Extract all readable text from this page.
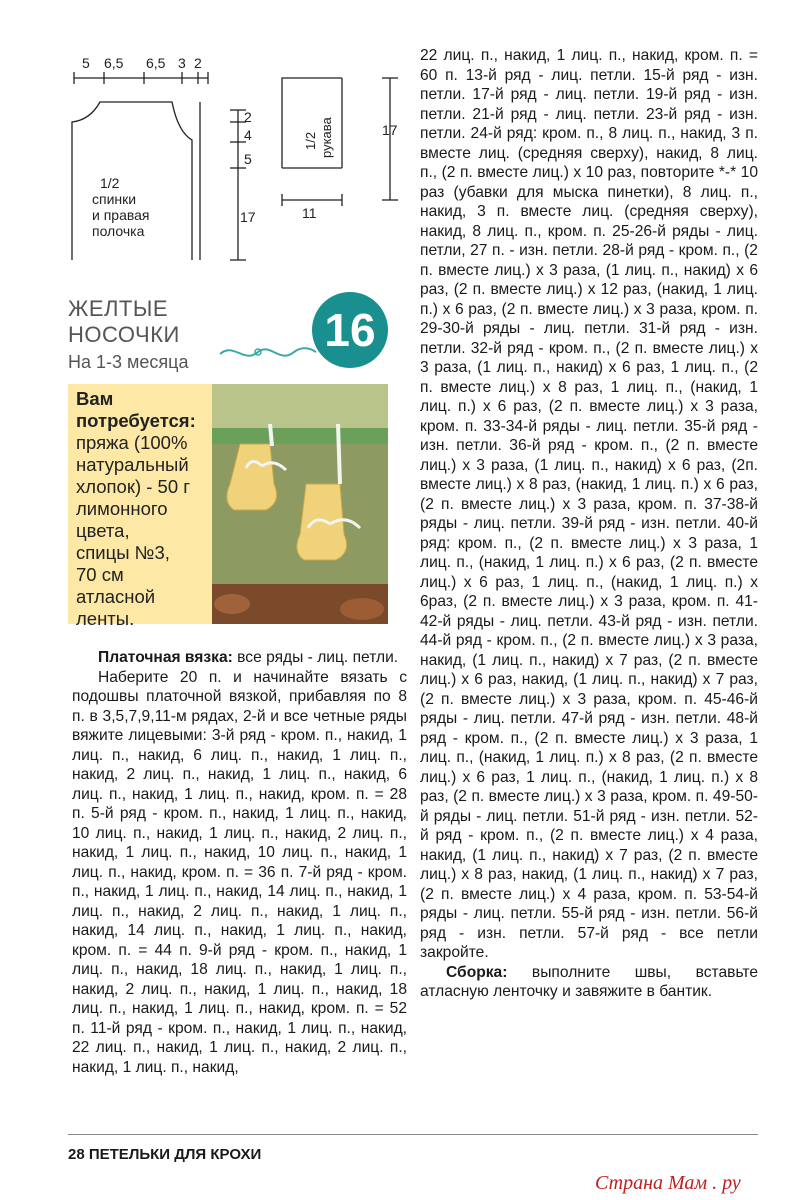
5 6,5 6,5 3 2
2
4
5
17
1/2
спинки
и правая
полочка
17
11
1/2 рукава
ЖЕЛТЫЕ
НОСОЧКИ
На 1-3 месяца
16
Вам
потребуется:
пряжа (100%
натуральный
хлопок) - 50 г
лимонного
цвета,
спицы №3,
70 см
атласной
ленты.

Платочная вязка: все ряды - лиц. петли.

Наберите 20 п. и начинайте вязать с подошвы платочной вязкой, прибавляя по 8 п. в 3,5,7,9,11-м рядах, 2-й и все четные ряды вяжите лицевыми: 3-й ряд - кром. п., накид, 1 лиц. п., накид, 6 лиц. п., накид, 1 лиц. п., накид, 2 лиц. п., накид, 1 лиц. п., накид, 6 лиц. п., накид, 1 лиц. п., накид, кром. п. = 28 п. 5-й ряд - кром. п., накид, 1 лиц. п., накид, 10 лиц. п., накид, 1 лиц. п., накид, 2 лиц. п., накид, 1 лиц. п., накид, 10 лиц. п., накид, 1 лиц. п., накид, кром. п. = 36 п. 7-й ряд - кром. п., накид, 1 лиц. п., накид, 14 лиц. п., накид, 1 лиц. п., накид, 2 лиц. п., накид, 1 лиц. п., накид, 14 лиц. п., накид, 1 лиц. п., накид, кром. п. = 44 п. 9-й ряд - кром. п., накид, 1 лиц. п., накид, 18 лиц. п., накид, 1 лиц. п., накид, 2 лиц. п., накид, 1 лиц. п., накид, 18 лиц. п., накид, 1 лиц. п., накид, кром. п. = 52 п. 11-й ряд - кром. п., накид, 1 лиц. п., накид, 22 лиц. п., накид, 1 лиц. п., накид, 2 лиц. п., накид, 1 лиц. п., накид,

22 лиц. п., накид, 1 лиц. п., накид, кром. п. = 60 п. 13-й ряд - лиц. петли. 15-й ряд - изн. петли. 17-й ряд - лиц. петли. 19-й ряд - изн. петли. 21-й ряд - лиц. петли. 23-й ряд - изн. петли. 24-й ряд: кром. п., 8 лиц. п., накид, 3 п. вместе лиц. (средняя сверху), накид, 8 лиц. п., (2 п. вместе лиц.) x 10 раз, повторите *-* 10 раз (убавки для мыска пинетки), 8 лиц. п., накид, 3 п. вместе лиц. (средняя сверху), накид, 8 лиц. п., кром. п. 25-26-й ряды - лиц. петли, 27 п. - изн. петли. 28-й ряд - кром. п., (2 п. вместе лиц.) x 3 раза, (1 лиц. п., накид) x 6 раз, (2 п. вместе лиц.) x 12 раз, (накид, 1 лиц. п.) x 6 раз, (2 п. вместе лиц.) x 3 раза, кром. п. 29-30-й ряды - лиц. петли. 31-й ряд - изн. петли. 32-й ряд - кром. п., (2 п. вместе лиц.) x 3 раза, (1 лиц. п., накид) x 6 раз, 1 лиц. п., (2 п. вместе лиц.) x 8 раз, 1 лиц. п., (накид, 1 лиц. п.) x 6 раз, (2 п. вместе лиц.) x 3 раза, кром. п. 33-34-й ряды - лиц. петли. 35-й ряд - изн. петли. 36-й ряд - кром. п., (2 п. вместе лиц.) x 3 раза, (1 лиц. п., накид) x 6 раз, (2п. вместе лиц.) x 8 раз, (накид, 1 лиц. п.) x 6 раз, (2 п. вместе лиц.) x 3 раза, кром. п. 37-38-й ряды - лиц. петли. 39-й ряд - изн. петли. 40-й ряд: кром. п., (2 п. вместе лиц.) x 3 раза, 1 лиц. п., (накид, 1 лиц. п.) x 6 раз, (2 п. вместе лиц.) x 6 раз, 1 лиц. п., (накид, 1 лиц. п.) x 6раз, (2 п. вместе лиц.) x 3 раза, кром. п. 41-42-й ряды - лиц. петли. 43-й ряд - изн. петли. 44-й ряд - кром. п., (2 п. вместе лиц.) x 3 раза, накид, (1 лиц. п., накид) x 7 раз, (2 п. вместе лиц.) x 6 раз, накид, (1 лиц. п., накид) x 7 раз, (2 п. вместе лиц.) x 3 раза, кром. п. 45-46-й ряды - лиц. петли. 47-й ряд - изн. петли. 48-й ряд - кром. п., (2 п. вместе лиц.) x 3 раза, 1 лиц. п., (накид, 1 лиц. п.) x 8 раз, (2 п. вместе лиц.) x 6 раз, 1 лиц. п., (накид, 1 лиц. п.) x 8 раз, (2 п. вместе лиц.) x 3 раза, кром. п. 49-50-й ряды - лиц. петли. 51-й ряд - изн. петли. 52-й ряд - кром. п., (2 п. вместе лиц.) x 4 раза, накид, (1 лиц. п., накид) x 7 раз, (2 п. вместе лиц.) x 8 раз, накид, (1 лиц. п., накид) x 7 раз, (2 п. вместе лиц.) x 4 раза, кром. п. 53-54-й ряды - лиц. петли. 55-й ряд - изн. петли. 56-й ряд - изн. петли. 57-й ряд - все петли закройте.

Сборка: выполните швы, вставьте атласную ленточку и завяжите в бантик.

28 ПЕТЕЛЬКИ ДЛЯ КРОХИ
Страна Мам . ру
